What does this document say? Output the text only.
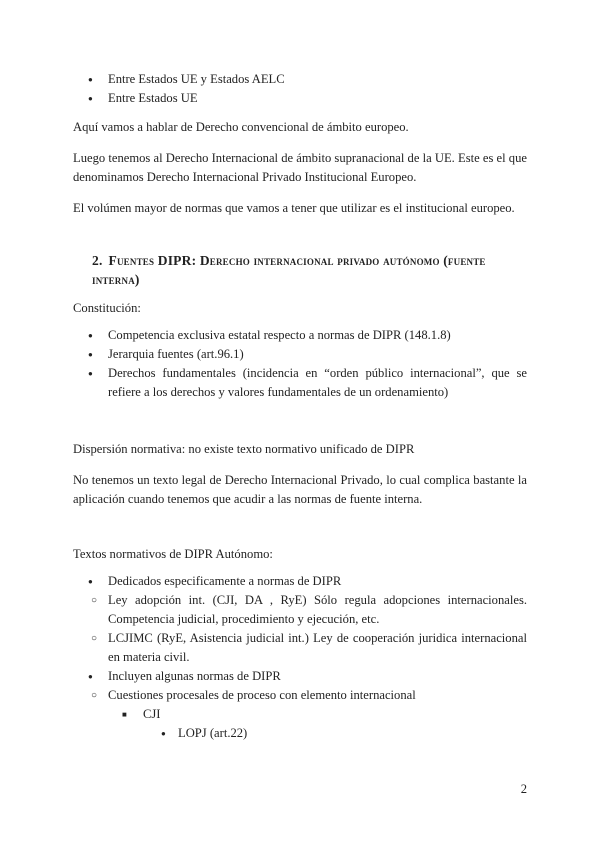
● Entre Estados UE y Estados AELC
● Entre Estados UE

Aquí vamos a hablar de Derecho convencional de ámbito europeo.

Luego tenemos al Derecho Internacional de ámbito supranacional de la UE. Este es el que denominamos Derecho Internacional Privado Institucional Europeo.

El volúmen mayor de normas que vamos a tener que utilizar es el institucional europeo.

2. Fuentes DIPR: Derecho internacional privado autónomo (fuente interna)

Constitución:

● Competencia exclusiva estatal respecto a normas de DIPR (148.1.8)
● Jerarquia fuentes (art.96.1)
● Derechos fundamentales (incidencia en “orden público internacional”, que se refiere a los derechos y valores fundamentales de un ordenamiento)

Dispersión normativa: no existe texto normativo unificado de DIPR

No tenemos un texto legal de Derecho Internacional Privado, lo cual complica bastante la aplicación cuando tenemos que acudir a las normas de fuente interna.

Textos normativos de DIPR Autónomo:

● Dedicados especificamente a normas de DIPR
○ Ley adopción int. (CJI, DA , RyE) Sólo regula adopciones internacionales. Competencia judicial, procedimiento y ejecución, etc.
○ LCJIMC (RyE, Asistencia judicial int.) Ley de cooperación juridica internacional en materia civil.
● Incluyen algunas normas de DIPR
○ Cuestiones procesales de proceso con elemento internacional
■ CJI
● LOPJ (art.22)
2
